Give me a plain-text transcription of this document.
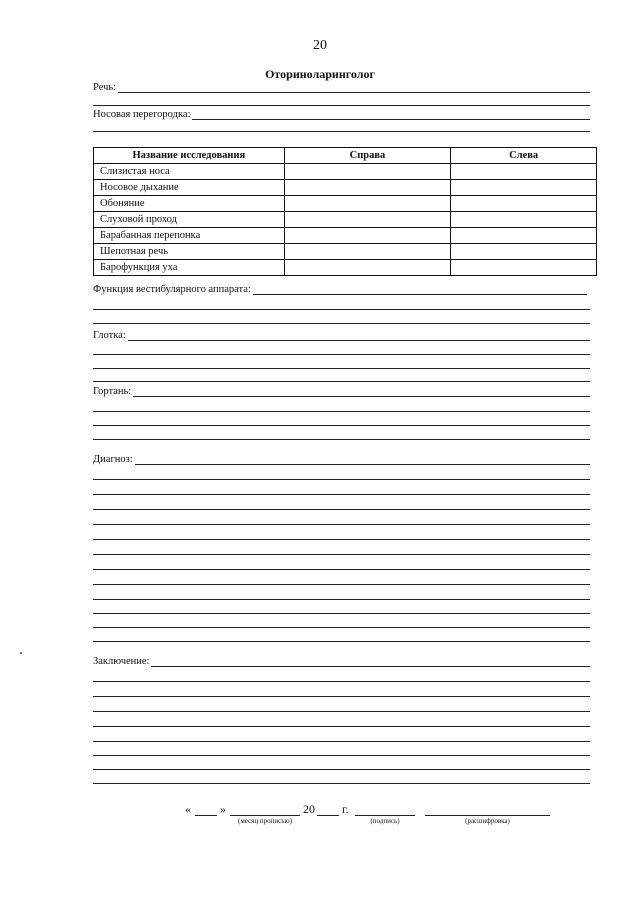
20
Оториноларинголог
Речь:
Носовая перегородка:
Название исследования	Справа	Слева
Слизистая носа		
Носовое дыхание		
Обоняние		
Слуховой проход		
Барабанная перепонка		
Шепотная речь		
Барофункция уха		
Функция вестибулярного аппарата:
Глотка:
Гортань:
Диагноз:
Заключение:
« »
(месяц прописью)
20 г.
(подпись)	(расшифровка)
